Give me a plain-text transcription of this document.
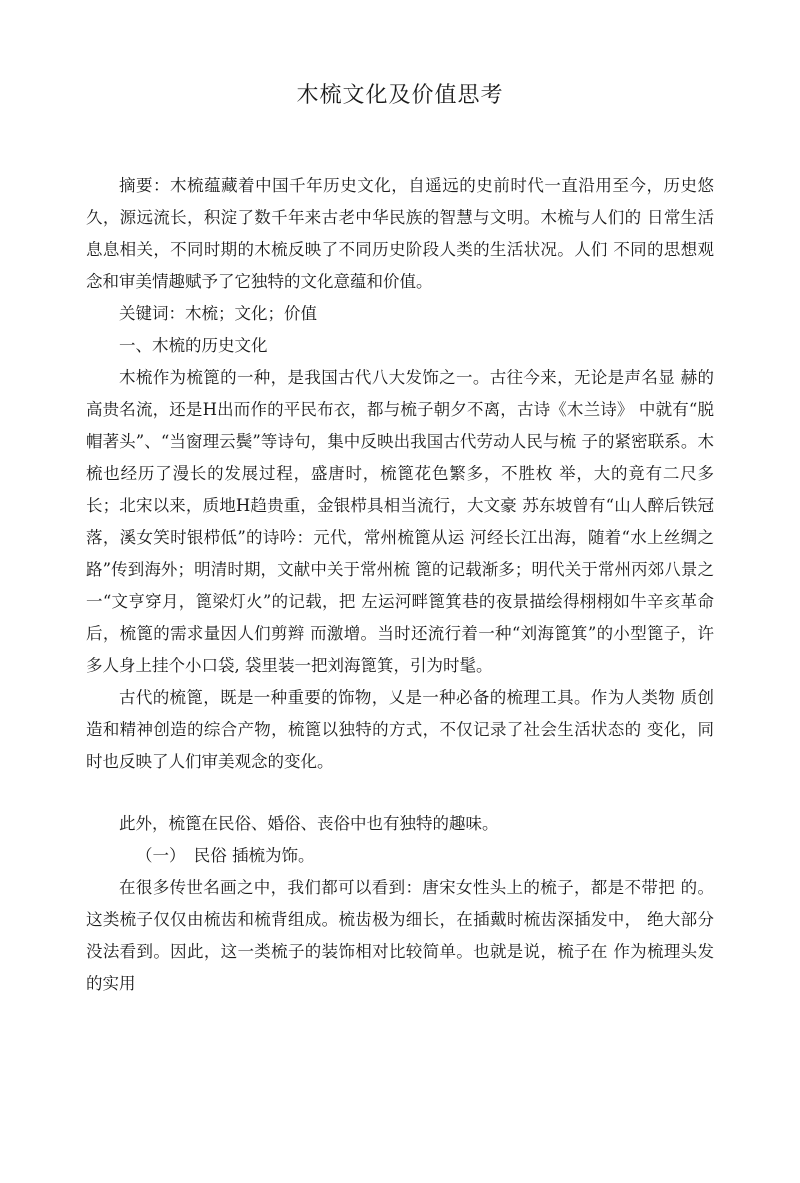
木梳文化及价值思考

摘要：木梳蕴藏着中国千年历史文化，自遥远的史前时代一直沿用至今，历史悠久，源远流长，积淀了数千年来古老中华民族的智慧与文明。木梳与人们的 日常生活息息相关，不同时期的木梳反映了不同历史阶段人类的生活状况。人们 不同的思想观念和审美情趣赋予了它独特的文化意蕴和价值。

关键词：木梳；文化；价值

一、木梳的历史文化

木梳作为梳篦的一种，是我国古代八大发饰之一。古往今来，无论是声名显 赫的高贵名流，还是H出而作的平民布衣，都与梳子朝夕不离，古诗《木兰诗》 中就有“脱帽著头”、“当窗理云鬓”等诗句，集中反映出我国古代劳动人民与梳 子的紧密联系。木梳也经历了漫长的发展过程，盛唐时，梳篦花色繁多，不胜枚 举，大的竟有二尺多长；北宋以来，质地H趋贵重，金银栉具相当流行，大文豪 苏东坡曾有“山人醉后铁冠落，溪女笑时银栉低”的诗吟：元代，常州梳篦从运 河经长江出海，随着“水上丝绸之路”传到海外；明清时期，文献中关于常州梳 篦的记载渐多；明代关于常州丙郊八景之一“文亨穿月，篦梁灯火”的记载，把 左运河畔篦箕巷的夜景描绘得栩栩如牛辛亥革命后，梳篦的需求量因人们剪辫 而激增。当时还流行着一种“刘海篦箕”的小型篦子，许多人身上挂个小口袋, 袋里装一把刘海篦箕，引为时髦。

古代的梳篦，既是一种重要的饰物，乂是一种必备的梳理工具。作为人类物 质创造和精神创造的综合产物，梳篦以独特的方式，不仅记录了社会生活状态的 变化，同时也反映了人们审美观念的变化。

此外，梳篦在民俗、婚俗、丧俗中也有独特的趣味。

（一）　民俗 插梳为饰。

在很多传世名画之中，我们都可以看到：唐宋女性头上的梳子，都是不带把 的。这类梳子仅仅由梳齿和梳背组成。梳齿极为细长，在插戴时梳齿深插发中， 绝大部分没法看到。因此，这一类梳子的装饰相对比较简单。也就是说，梳子在 作为梳理头发的实用
